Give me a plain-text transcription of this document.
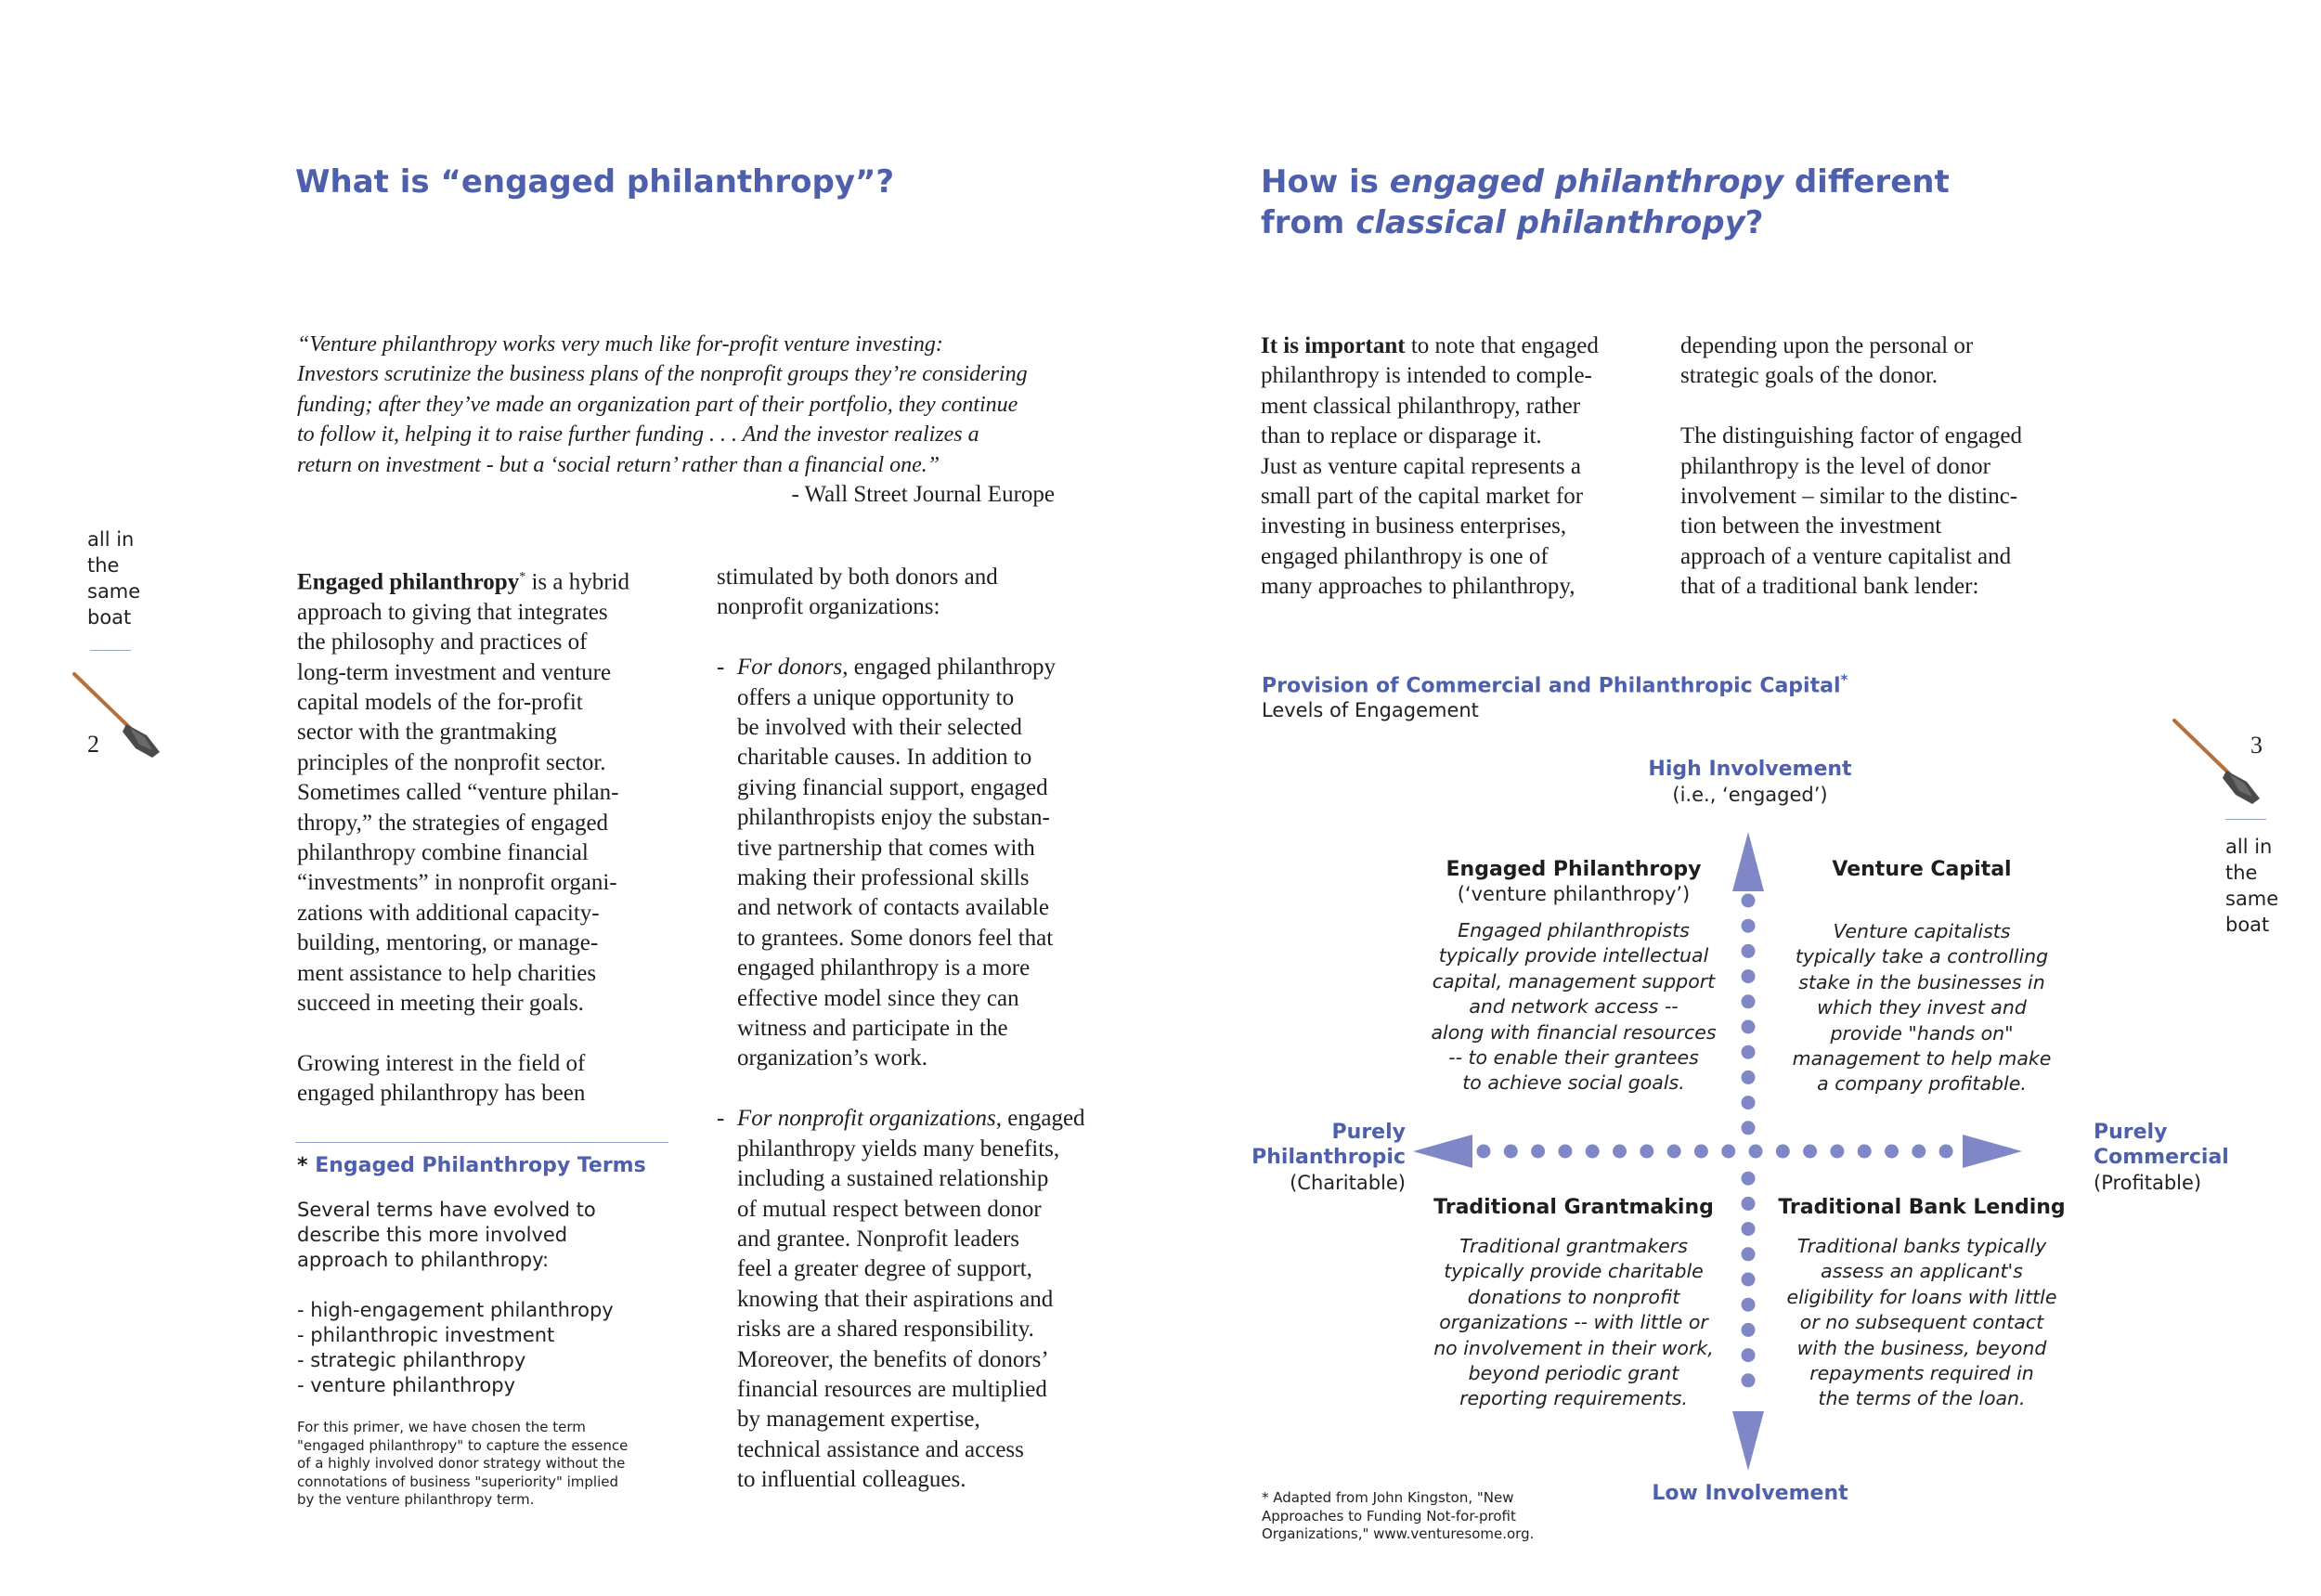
What is “engaged philanthropy”?
“Venture philanthropy works very much like for-profit venture investing:
Investors scrutinize the business plans of the nonprofit groups they’re considering
funding; after they’ve made an organization part of their portfolio, they continue
to follow it, helping it to raise further funding . . . And the investor realizes a
return on investment - but a ‘social return’ rather than a financial one.”
- Wall Street Journal Europe
all in
the
same
boat
2
Engaged philanthropy* is a hybrid
approach to giving that integrates
the philosophy and practices of
long-term investment and venture
capital models of the for-profit
sector with the grantmaking
principles of the nonprofit sector.
Sometimes called “venture philan-
thropy,” the strategies of engaged
philanthropy combine financial
“investments” in nonprofit organi-
zations with additional capacity-
building, mentoring, or manage-
ment assistance to help charities
succeed in meeting their goals.
Growing interest in the field of
engaged philanthropy has been
* Engaged Philanthropy Terms
Several terms have evolved to
describe this more involved
approach to philanthropy:
- high-engagement philanthropy
- philanthropic investment
- strategic philanthropy
- venture philanthropy
For this primer, we have chosen the term
"engaged philanthropy" to capture the essence
of a highly involved donor strategy without the
connotations of business "superiority" implied
by the venture philanthropy term.
stimulated by both donors and
nonprofit organizations:
- For donors, engaged philanthropy
offers a unique opportunity to
be involved with their selected
charitable causes. In addition to
giving financial support, engaged
philanthropists enjoy the substan-
tive partnership that comes with
making their professional skills
and network of contacts available
to grantees. Some donors feel that
engaged philanthropy is a more
effective model since they can
witness and participate in the
organization’s work.
- For nonprofit organizations, engaged
philanthropy yields many benefits,
including a sustained relationship
of mutual respect between donor
and grantee. Nonprofit leaders
feel a greater degree of support,
knowing that their aspirations and
risks are a shared responsibility.
Moreover, the benefits of donors’
financial resources are multiplied
by management expertise,
technical assistance and access
to influential colleagues.
How is engaged philanthropy different
from classical philanthropy?
It is important to note that engaged
philanthropy is intended to comple-
ment classical philanthropy, rather
than to replace or disparage it.
Just as venture capital represents a
small part of the capital market for
investing in business enterprises,
engaged philanthropy is one of
many approaches to philanthropy,
depending upon the personal or
strategic goals of the donor.
The distinguishing factor of engaged
philanthropy is the level of donor
involvement – similar to the distinc-
tion between the investment
approach of a venture capitalist and
that of a traditional bank lender:
3
all in
the
same
boat
Provision of Commercial and Philanthropic Capital*
Levels of Engagement
High Involvement
(i.e., ‘engaged’)
Purely
Philanthropic
(Charitable)
Purely
Commercial
(Profitable)
Engaged Philanthropy
(‘venture philanthropy’)
Engaged philanthropists
typically provide intellectual
capital, management support
and network access --
along with financial resources
-- to enable their grantees
to achieve social goals.
Venture Capital
Venture capitalists
typically take a controlling
stake in the businesses in
which they invest and
provide "hands on"
management to help make
a company profitable.
Traditional Grantmaking
Traditional grantmakers
typically provide charitable
donations to nonprofit
organizations -- with little or
no involvement in their work,
beyond periodic grant
reporting requirements.
Traditional Bank Lending
Traditional banks typically
assess an applicant's
eligibility for loans with little
or no subsequent contact
with the business, beyond
repayments required in
the terms of the loan.
Low Involvement
* Adapted from John Kingston, "New
Approaches to Funding Not-for-profit
Organizations," www.venturesome.org.
